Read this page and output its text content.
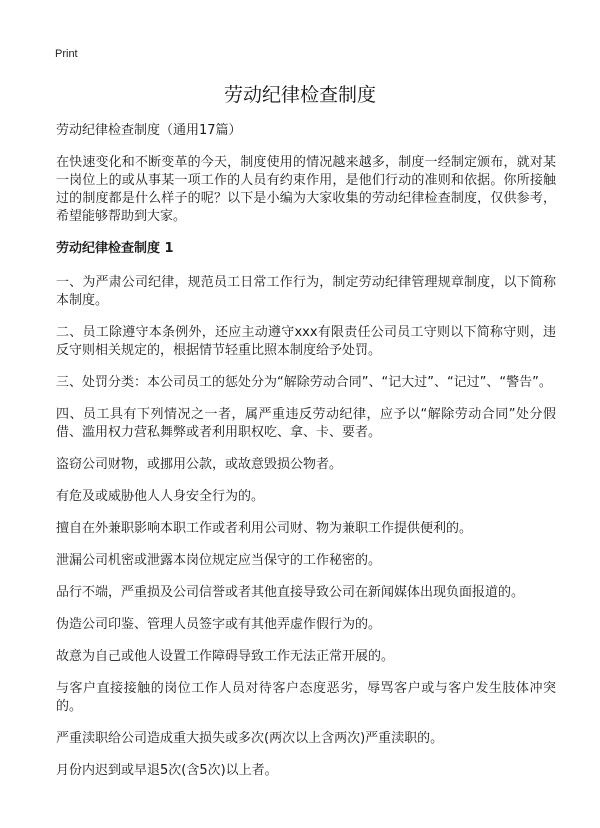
Print
劳动纪律检查制度

劳动纪律检查制度（通用17篇）

在快速变化和不断变革的今天，制度使用的情况越来越多，制度一经制定颁布，就对某一岗位上的或从事某一项工作的人员有约束作用，是他们行动的准则和依据。你所接触过的制度都是什么样子的呢？以下是小编为大家收集的劳动纪律检查制度，仅供参考，希望能够帮助到大家。

劳动纪律检查制度 1

一、为严肃公司纪律，规范员工日常工作行为，制定劳动纪律管理规章制度，以下简称本制度。

二、员工除遵守本条例外，还应主动遵守xxx有限责任公司员工守则以下简称守则，违反守则相关规定的，根据情节轻重比照本制度给予处罚。

三、处罚分类：本公司员工的惩处分为“解除劳动合同”、“记大过”、“记过”、“警告”。

四、员工具有下列情况之一者，属严重违反劳动纪律，应予以“解除劳动合同”处分假借、滥用权力营私舞弊或者利用职权吃、拿、卡、要者。

盗窃公司财物，或挪用公款，或故意毁损公物者。

有危及或威胁他人人身安全行为的。

擅自在外兼职影响本职工作或者利用公司财、物为兼职工作提供便利的。

泄漏公司机密或泄露本岗位规定应当保守的工作秘密的。

品行不端，严重损及公司信誉或者其他直接导致公司在新闻媒体出现负面报道的。

伪造公司印鉴、管理人员签字或有其他弄虚作假行为的。

故意为自己或他人设置工作障碍导致工作无法正常开展的。

与客户直接接触的岗位工作人员对待客户态度恶劣，辱骂客户或与客户发生肢体冲突的。

严重渎职给公司造成重大损失或多次(两次以上含两次)严重渎职的。

月份内迟到或早退5次(含5次)以上者。
